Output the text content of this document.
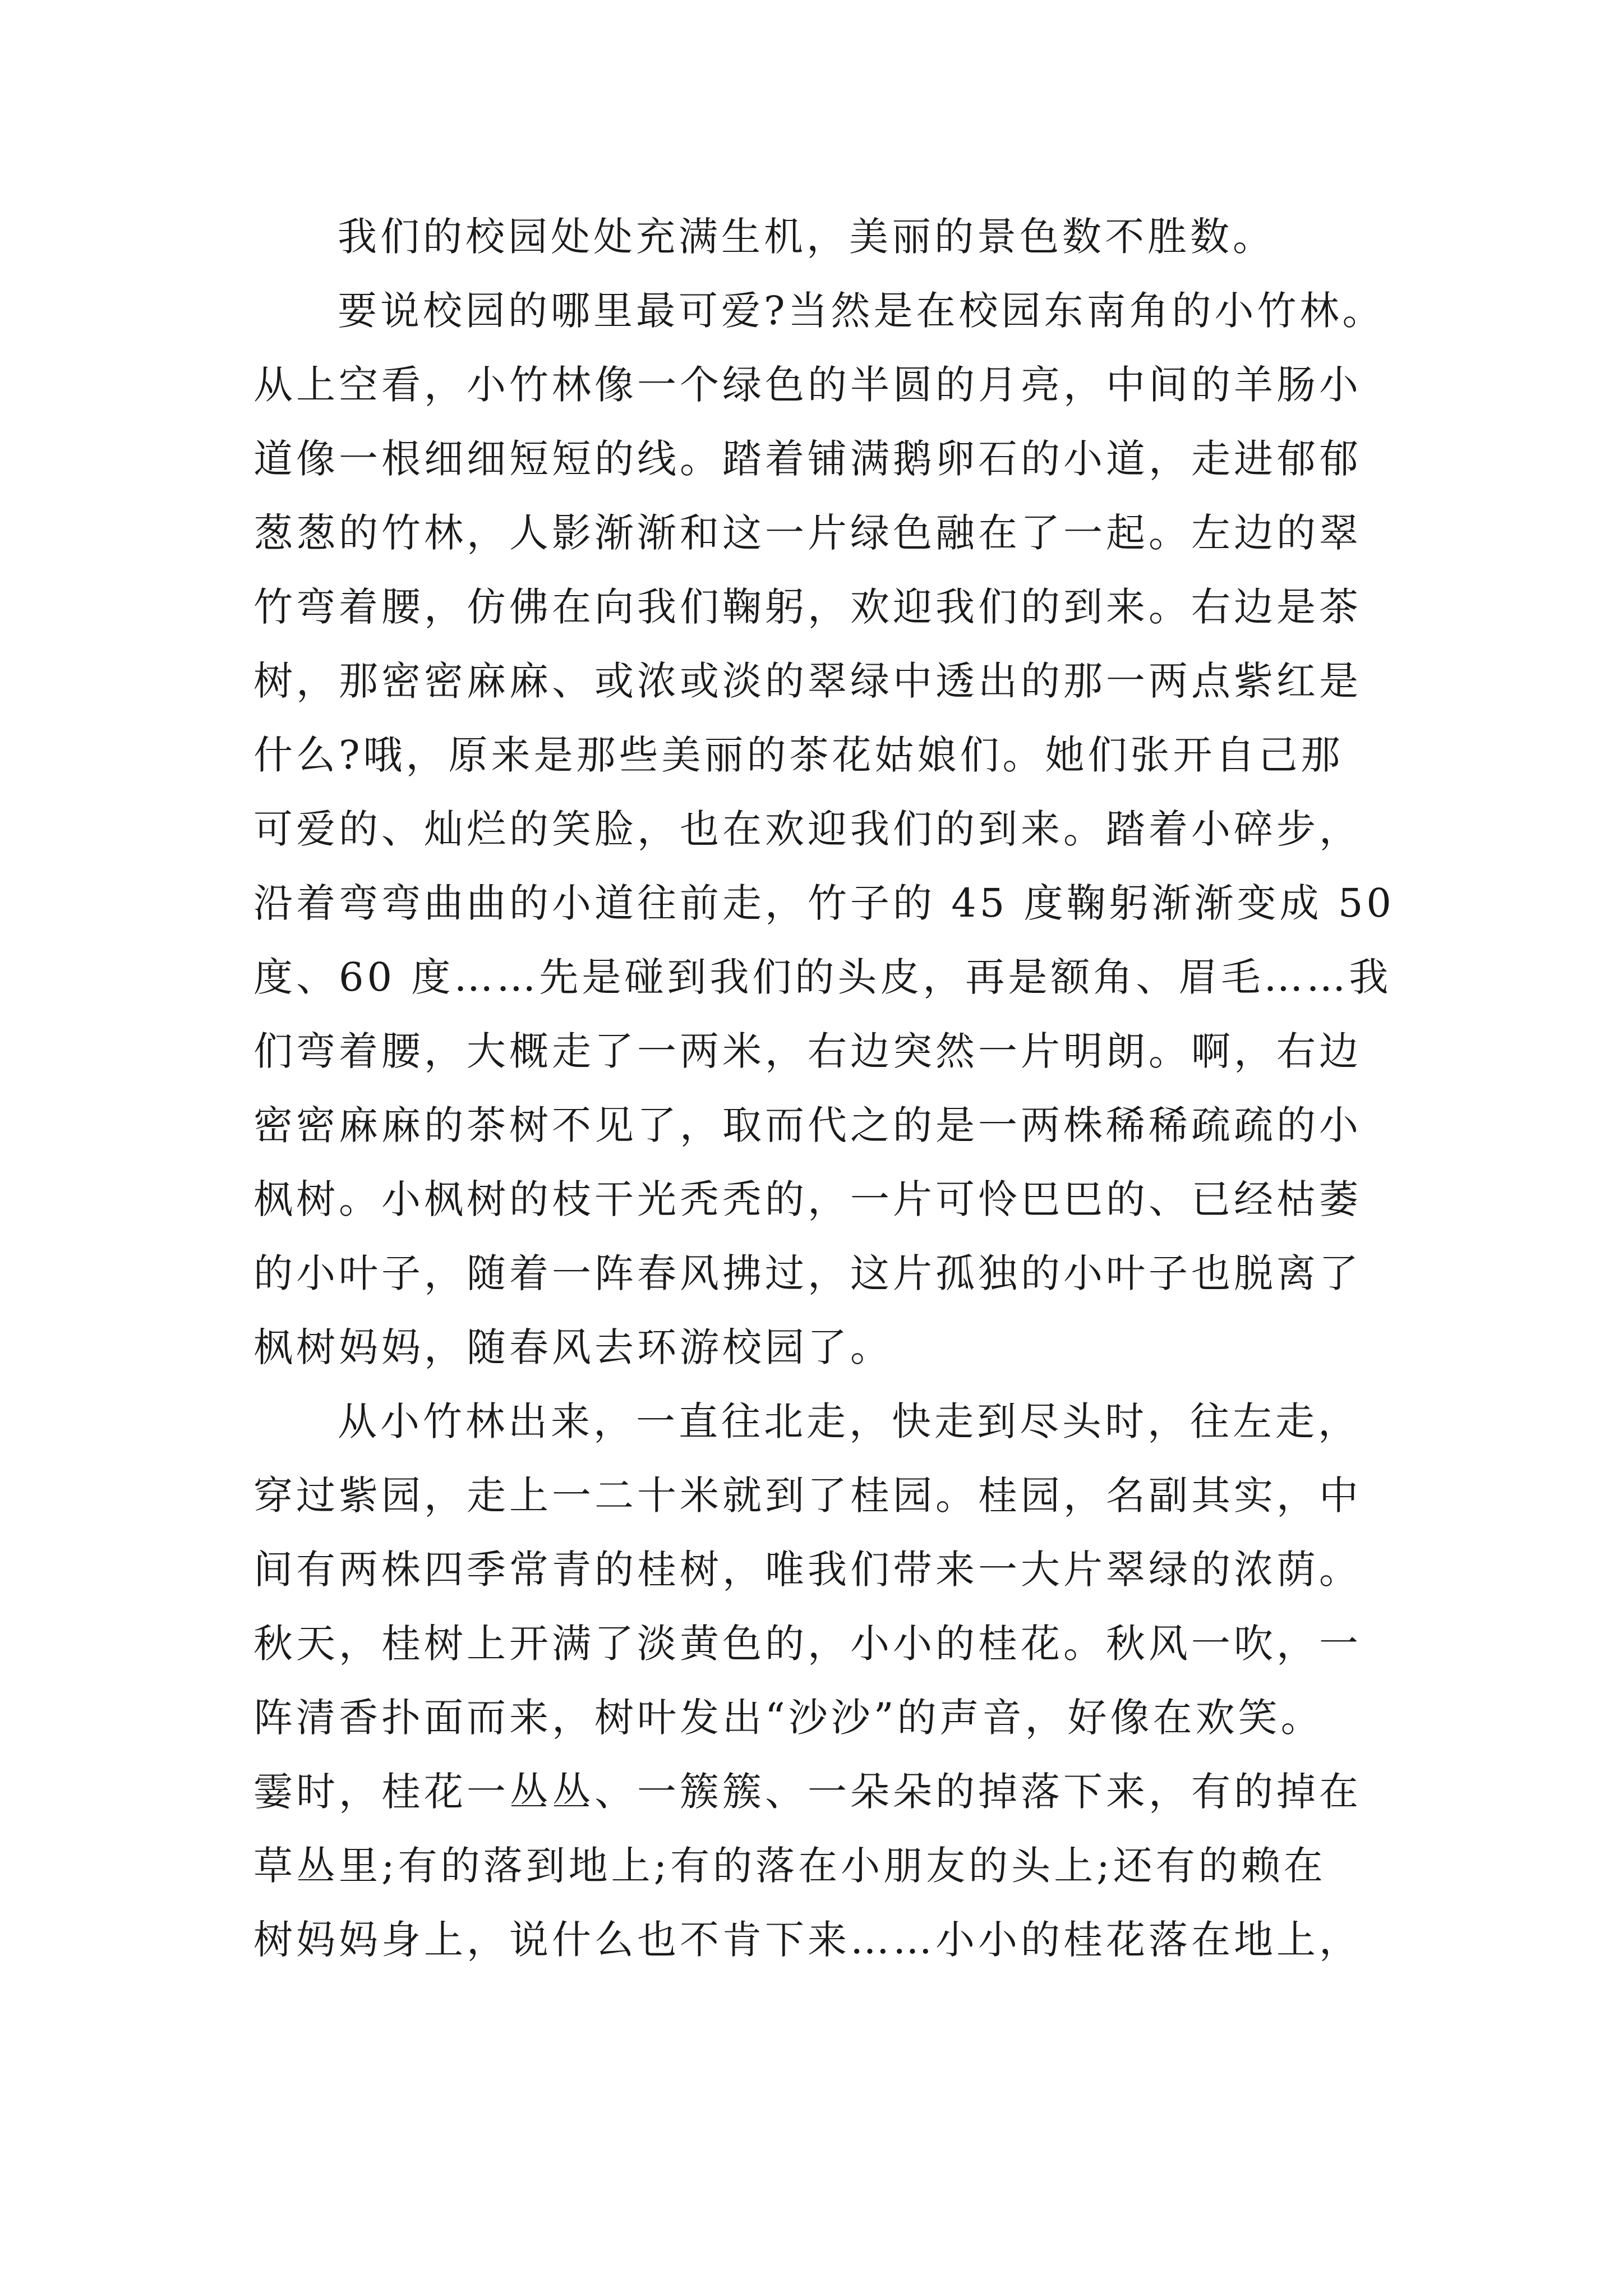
我们的校园处处充满生机，美丽的景色数不胜数。
要说校园的哪里最可爱?当然是在校园东南角的小竹林。
从上空看，小竹林像一个绿色的半圆的月亮，中间的羊肠小
道像一根细细短短的线。踏着铺满鹅卵石的小道，走进郁郁
葱葱的竹林，人影渐渐和这一片绿色融在了一起。左边的翠
竹弯着腰，仿佛在向我们鞠躬，欢迎我们的到来。右边是茶
树，那密密麻麻、或浓或淡的翠绿中透出的那一两点紫红是
什么?哦，原来是那些美丽的茶花姑娘们。她们张开自己那
可爱的、灿烂的笑脸，也在欢迎我们的到来。踏着小碎步，
沿着弯弯曲曲的小道往前走，竹子的 45 度鞠躬渐渐变成 50
度、60 度……先是碰到我们的头皮，再是额角、眉毛……我
们弯着腰，大概走了一两米，右边突然一片明朗。啊，右边
密密麻麻的茶树不见了，取而代之的是一两株稀稀疏疏的小
枫树。小枫树的枝干光秃秃的，一片可怜巴巴的、已经枯萎
的小叶子，随着一阵春风拂过，这片孤独的小叶子也脱离了
枫树妈妈，随春风去环游校园了。
从小竹林出来，一直往北走，快走到尽头时，往左走，
穿过紫园，走上一二十米就到了桂园。桂园，名副其实，中
间有两株四季常青的桂树，唯我们带来一大片翠绿的浓荫。
秋天，桂树上开满了淡黄色的，小小的桂花。秋风一吹，一
阵清香扑面而来，树叶发出“沙沙”的声音，好像在欢笑。
霎时，桂花一丛丛、一簇簇、一朵朵的掉落下来，有的掉在
草丛里;有的落到地上;有的落在小朋友的头上;还有的赖在
树妈妈身上，说什么也不肯下来……小小的桂花落在地上，
